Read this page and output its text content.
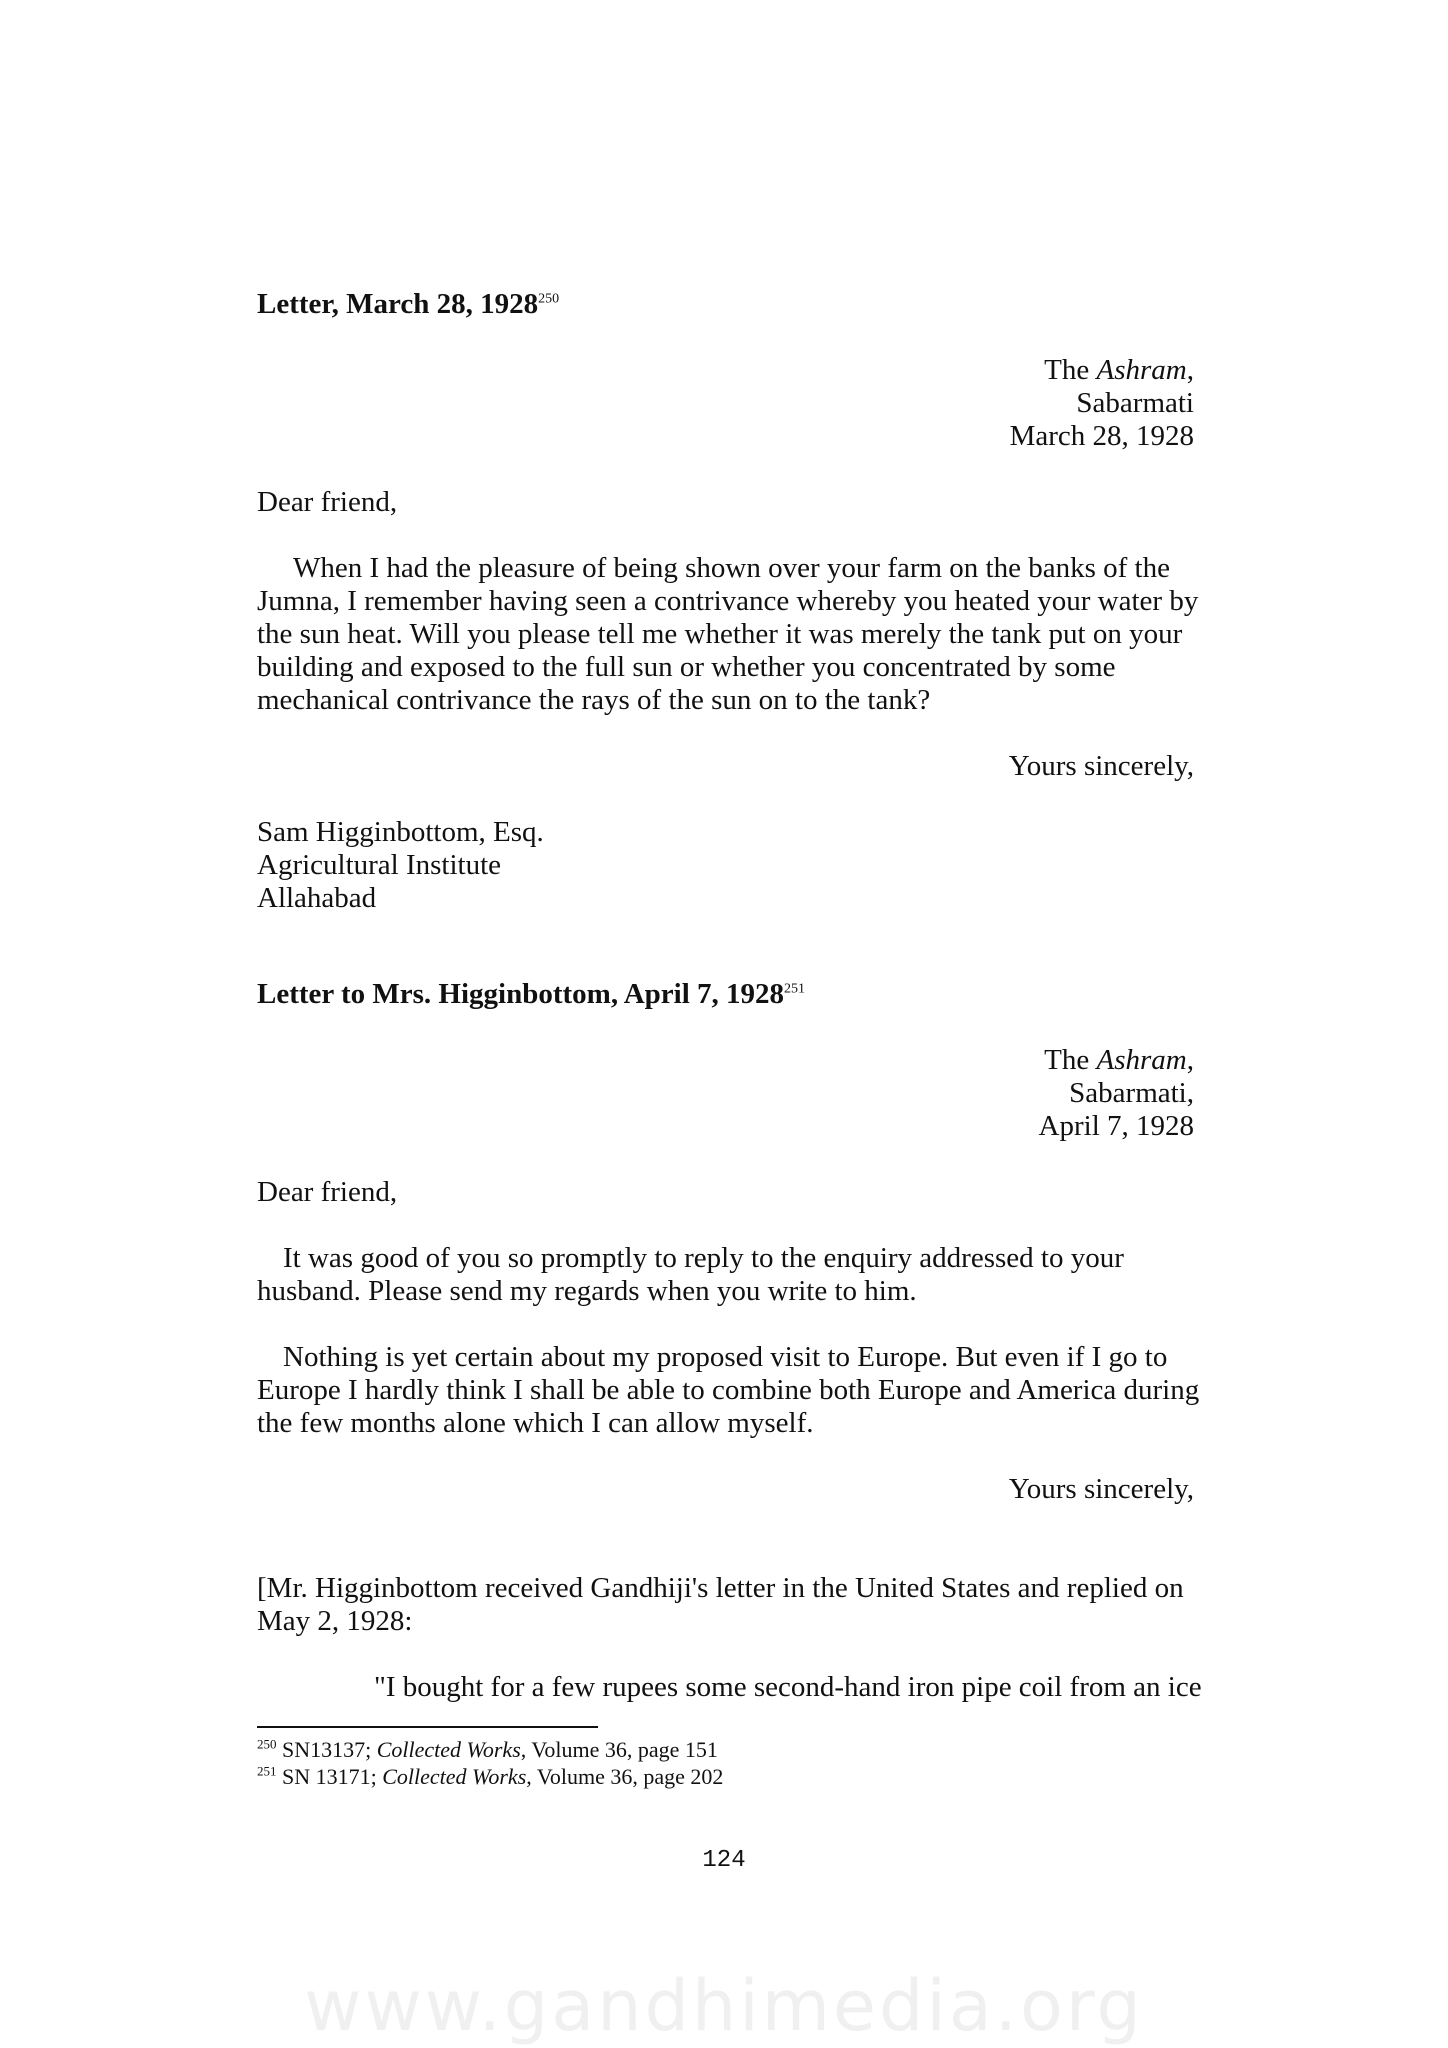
Letter, March 28, 1928$^{250}$
The Ashram,
Sabarmati
March 28, 1928
Dear friend,
When I had the pleasure of being shown over your farm on the banks of the
Jumna, I remember having seen a contrivance whereby you heated your water by
the sun heat. Will you please tell me whether it was merely the tank put on your
building and exposed to the full sun or whether you concentrated by some
mechanical contrivance the rays of the sun on to the tank?
Yours sincerely,
Sam Higginbottom, Esq.
Agricultural Institute
Allahabad
Letter to Mrs. Higginbottom, April 7, 1928$^{251}$
The Ashram,
Sabarmati,
April 7, 1928
Dear friend,
It was good of you so promptly to reply to the enquiry addressed to your
husband. Please send my regards when you write to him.
Nothing is yet certain about my proposed visit to Europe. But even if I go to
Europe I hardly think I shall be able to combine both Europe and America during
the few months alone which I can allow myself.
Yours sincerely,
[Mr. Higginbottom received Gandhiji's letter in the United States and replied on
May 2, 1928:
"I bought for a few rupees some second-hand iron pipe coil from an ice
$^{250}$ SN13137; Collected Works, Volume 36, page 151
$^{251}$ SN 13171; Collected Works, Volume 36, page 202
124
www.gandhimedia.org
